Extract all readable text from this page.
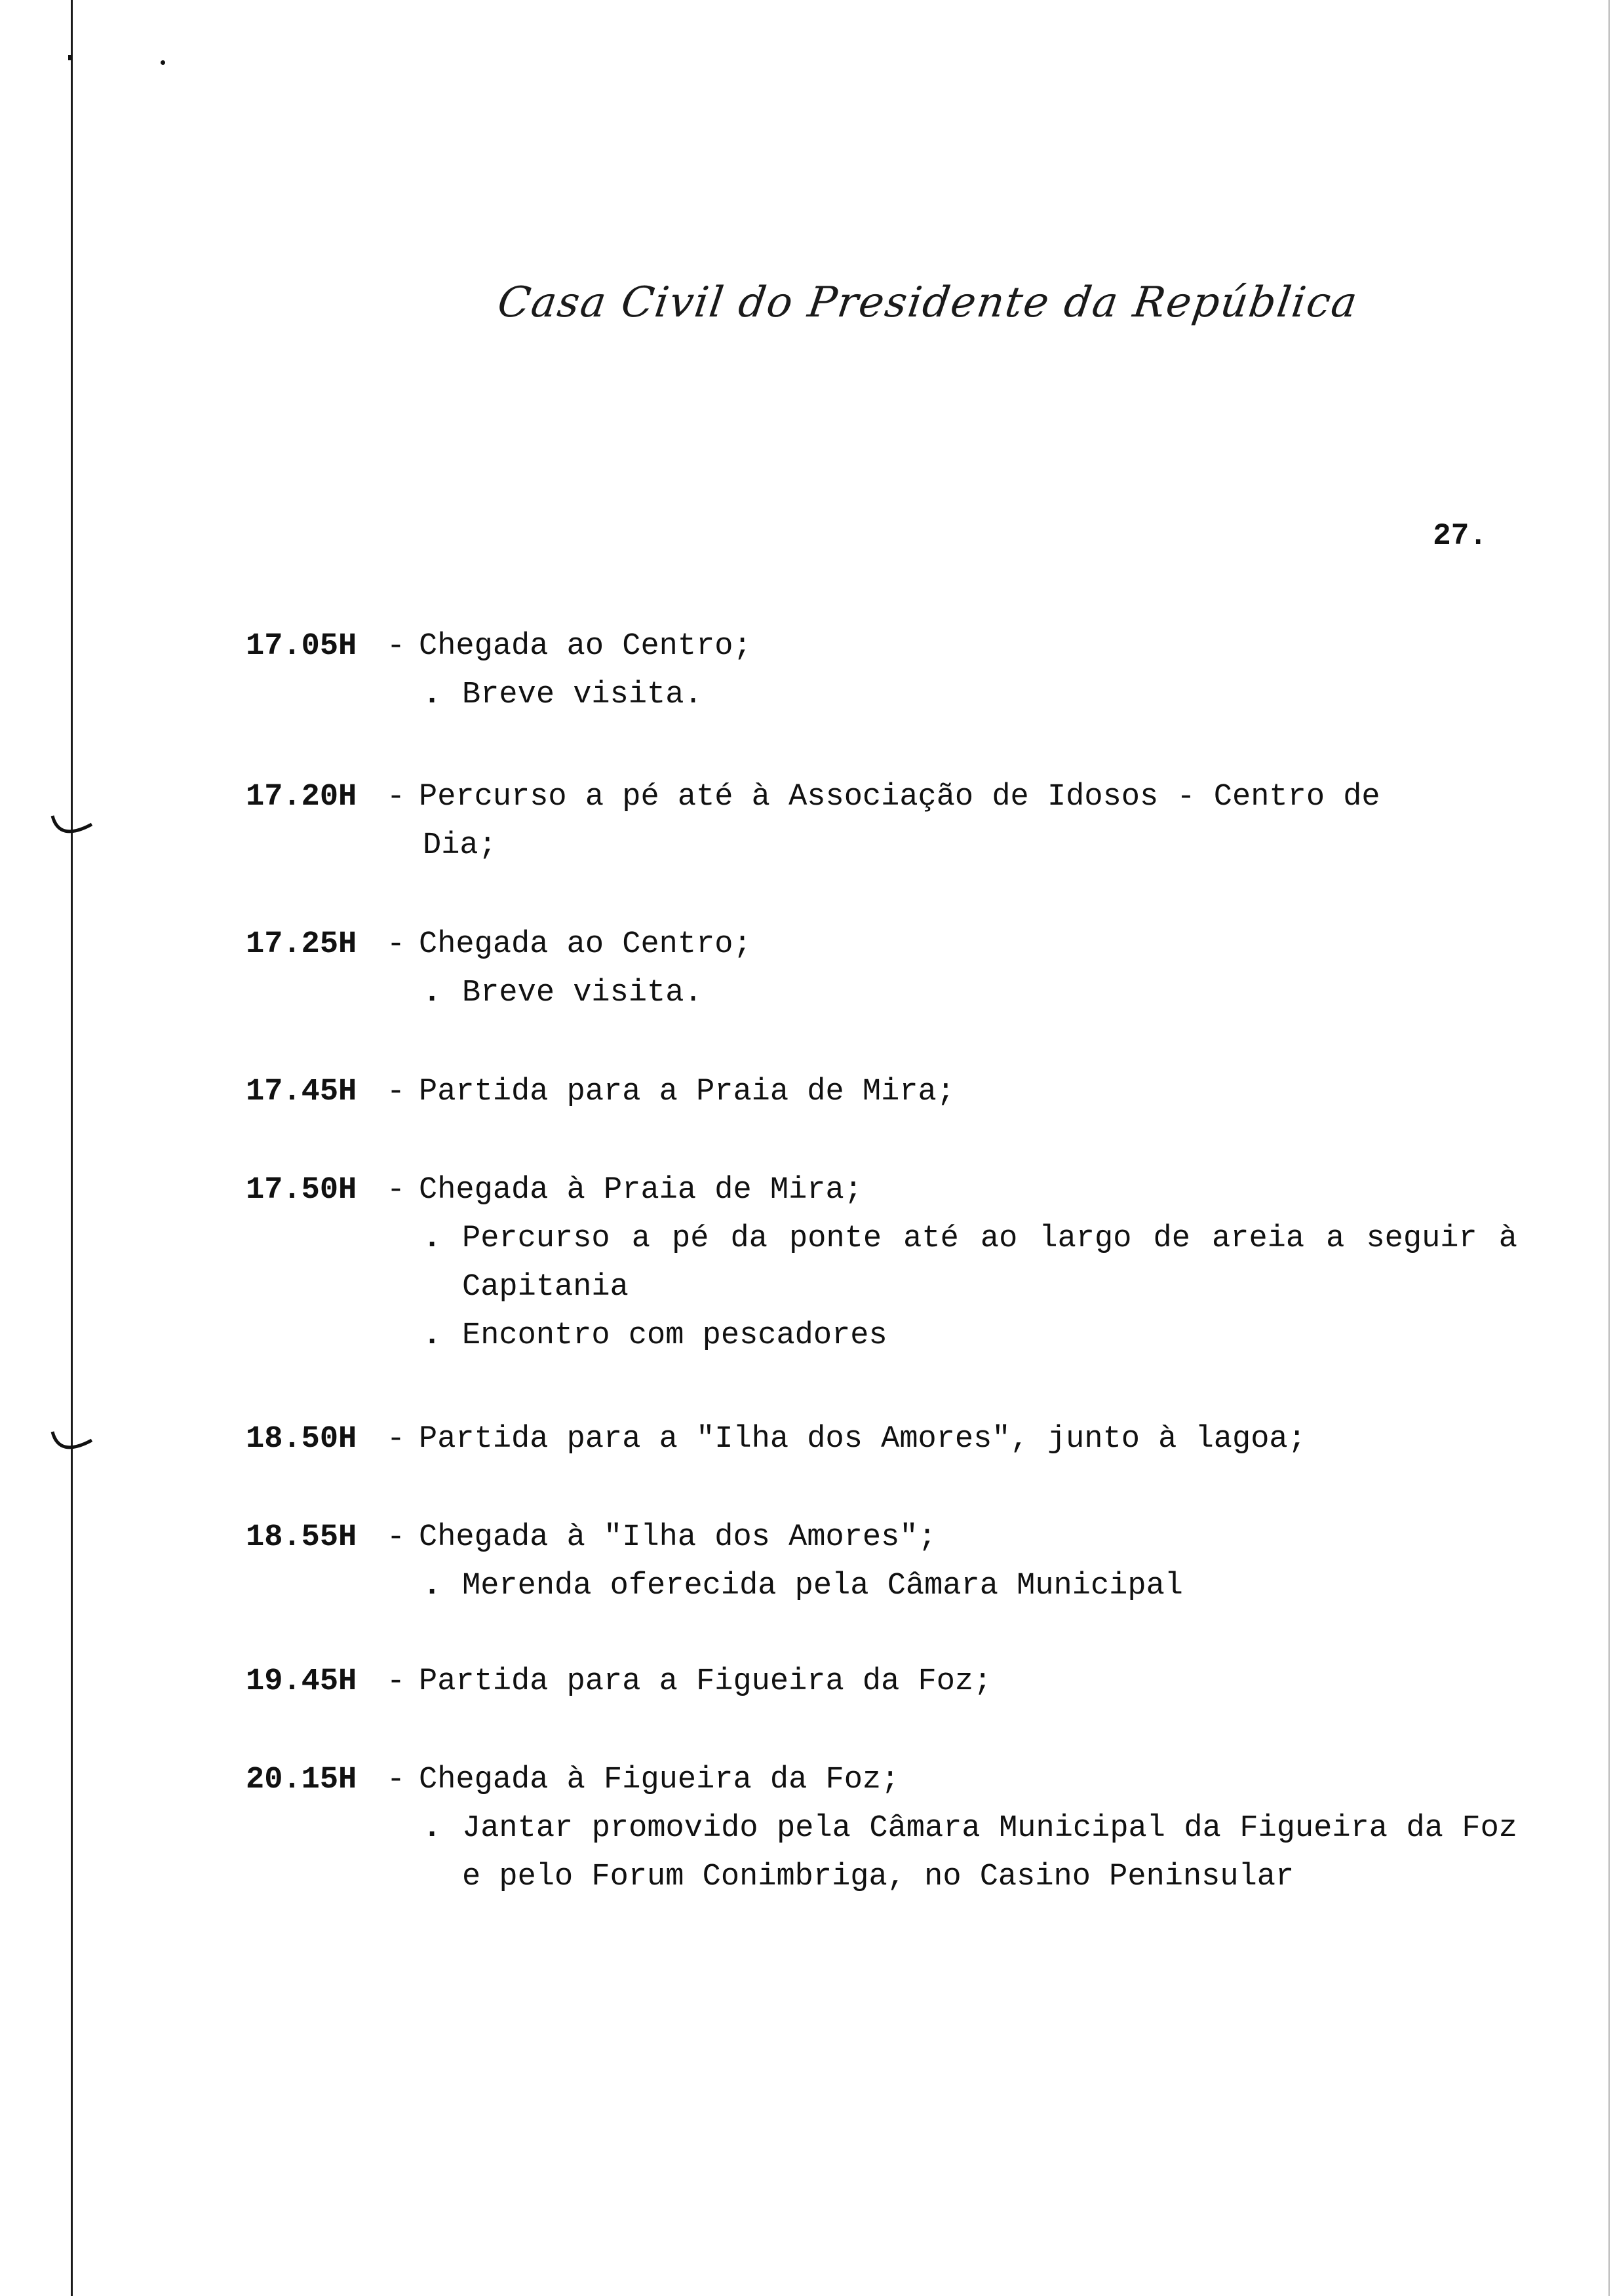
Casa Civil do Presidente da República
27.
17.05H - Chegada ao Centro;
. Breve visita.
17.20H - Percurso a pé até à Associação de Idosos - Centro de
Dia;
17.25H - Chegada ao Centro;
. Breve visita.
17.45H - Partida para a Praia de Mira;
17.50H - Chegada à Praia de Mira;
. Percurso a pé da ponte até ao largo de areia a seguir à Capitania
. Encontro com pescadores
18.50H - Partida para a "Ilha dos Amores", junto à lagoa;
18.55H - Chegada à "Ilha dos Amores";
. Merenda oferecida pela Câmara Municipal
19.45H - Partida para a Figueira da Foz;
20.15H - Chegada à Figueira da Foz;
. Jantar promovido pela Câmara Municipal da Figueira da Foz e pelo Forum Conimbriga, no Casino Peninsular
